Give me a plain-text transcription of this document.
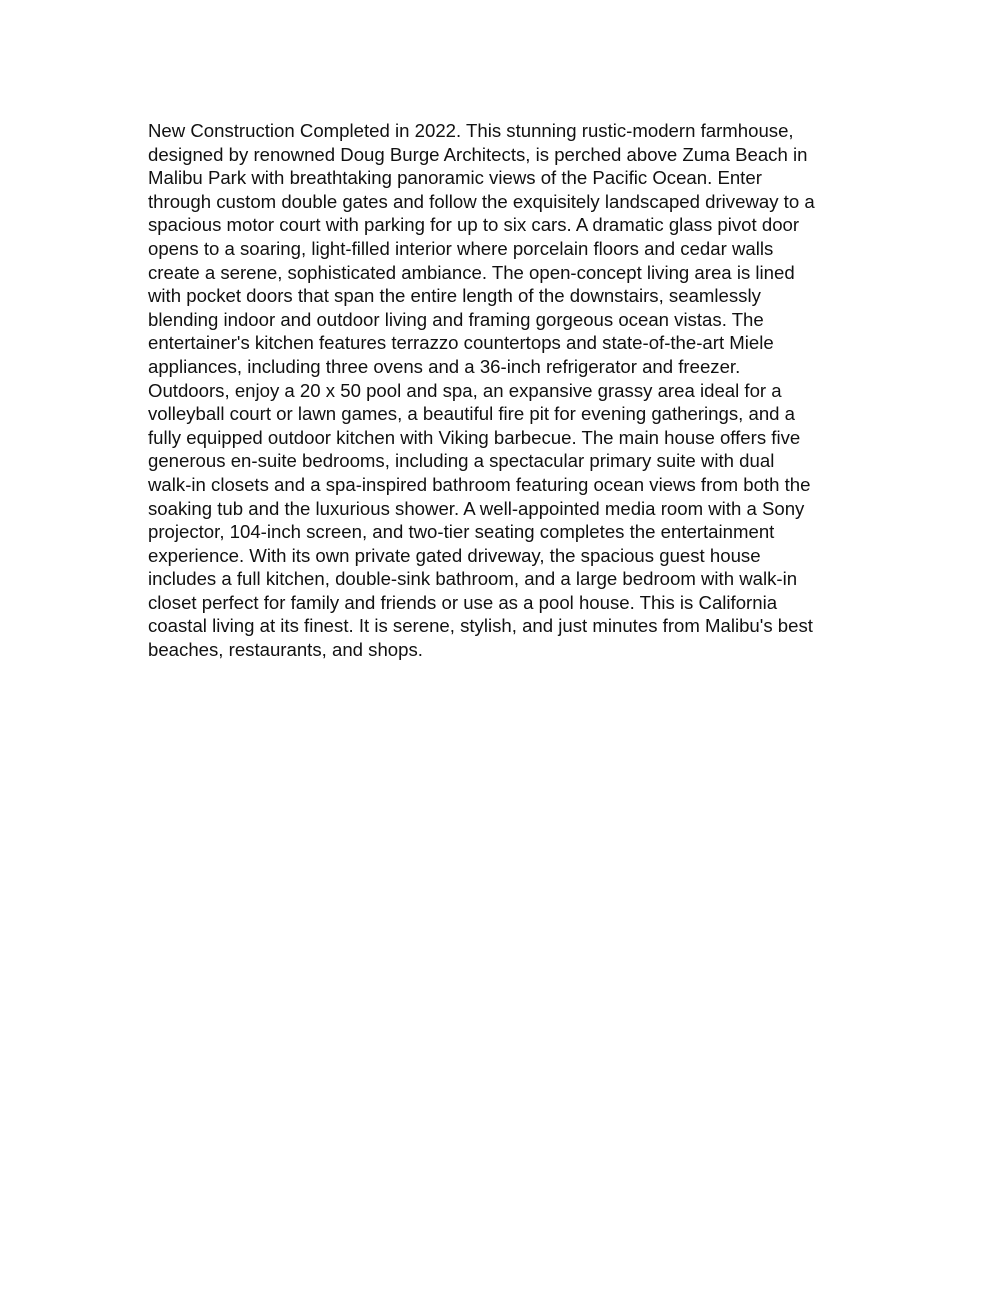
New Construction Completed in 2022. This stunning rustic-modern farmhouse,
designed by renowned Doug Burge Architects, is perched above Zuma Beach in
Malibu Park with breathtaking panoramic views of the Pacific Ocean. Enter
through custom double gates and follow the exquisitely landscaped driveway to a
spacious motor court with parking for up to six cars. A dramatic glass pivot door
opens to a soaring, light-filled interior where porcelain floors and cedar walls
create a serene, sophisticated ambiance. The open-concept living area is lined
with pocket doors that span the entire length of the downstairs, seamlessly
blending indoor and outdoor living and framing gorgeous ocean vistas. The
entertainer's kitchen features terrazzo countertops and state-of-the-art Miele
appliances, including three ovens and a 36-inch refrigerator and freezer.
Outdoors, enjoy a 20 x 50 pool and spa, an expansive grassy area ideal for a
volleyball court or lawn games, a beautiful fire pit for evening gatherings, and a
fully equipped outdoor kitchen with Viking barbecue. The main house offers five
generous en-suite bedrooms, including a spectacular primary suite with dual
walk-in closets and a spa-inspired bathroom featuring ocean views from both the
soaking tub and the luxurious shower. A well-appointed media room with a Sony
projector, 104-inch screen, and two-tier seating completes the entertainment
experience. With its own private gated driveway, the spacious guest house
includes a full kitchen, double-sink bathroom, and a large bedroom with walk-in
closet perfect for family and friends or use as a pool house. This is California
coastal living at its finest. It is serene, stylish, and just minutes from Malibu's best
beaches, restaurants, and shops.
